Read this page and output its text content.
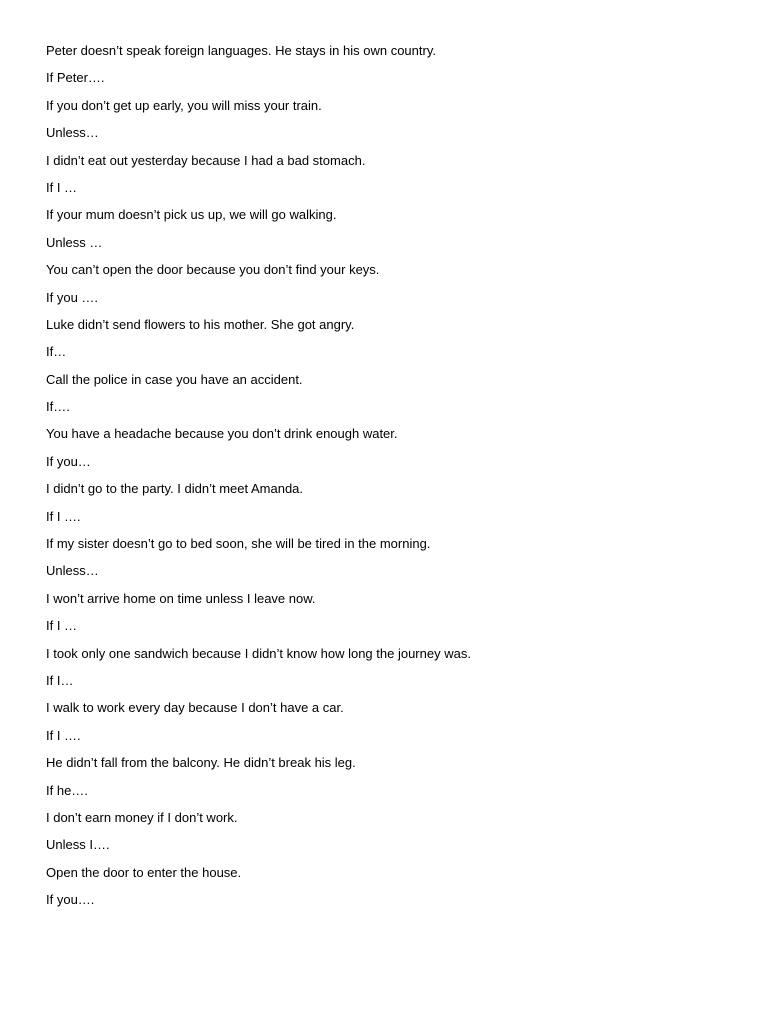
Peter doesn’t speak foreign languages. He stays in his own country.
If Peter….
If you don’t get up early, you will miss your train.
Unless…
I didn’t eat out yesterday because I had a bad stomach.
If I …
If your mum doesn’t pick us up, we will go walking.
Unless …
You can’t open the door because you don’t find your keys.
If you ….
Luke didn’t send flowers to his mother. She got angry.
If…
Call the police in case you have an accident.
If….
You have a headache because you don’t drink enough water.
If you…
I didn’t go to the party. I didn’t meet Amanda.
If I ….
If my sister doesn’t go to bed soon, she will be tired in the morning.
Unless…
I won’t arrive home on time unless I leave now.
If I …
I took only one sandwich because I didn’t know how long the journey was.
If I…
I walk to work every day because I don’t have a car.
If I ….
He didn’t fall from the balcony. He didn’t break his leg.
If he….
I don’t earn money if I don’t work.
Unless I….
Open the door to enter the house.
If you….
